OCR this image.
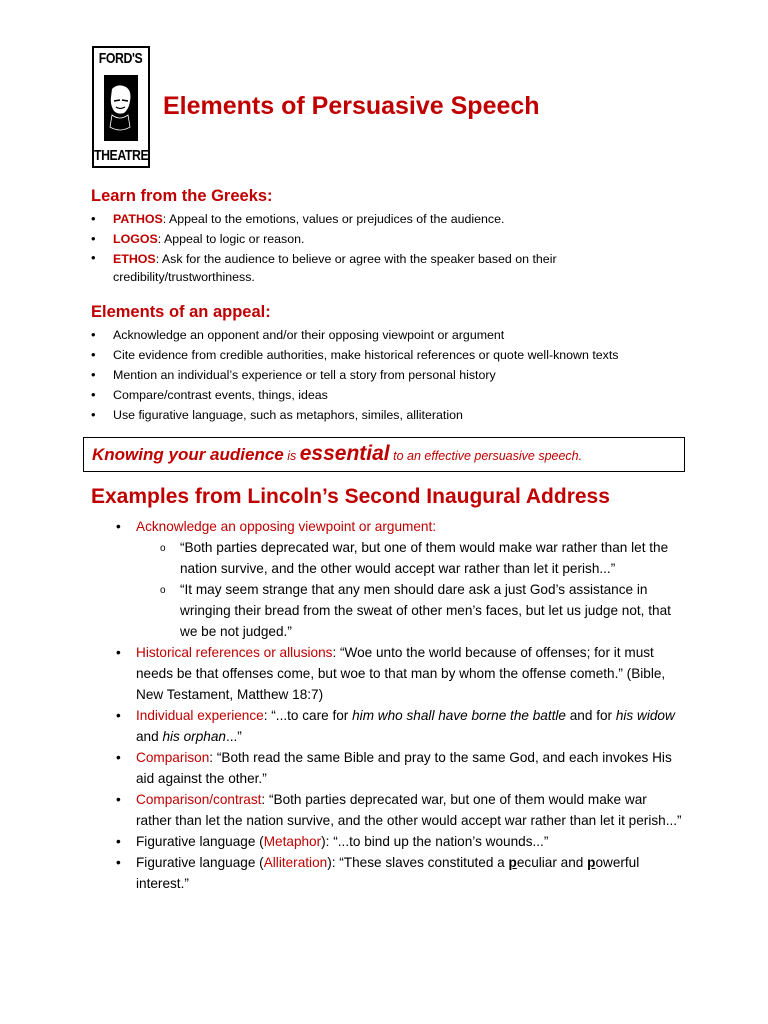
FORD'S
THEATRE
Elements of Persuasive Speech
Learn from the Greeks:
• PATHOS: Appeal to the emotions, values or prejudices of the audience.
• LOGOS: Appeal to logic or reason.
• ETHOS: Ask for the audience to believe or agree with the speaker based on their credibility/trustworthiness.
Elements of an appeal:
• Acknowledge an opponent and/or their opposing viewpoint or argument
• Cite evidence from credible authorities, make historical references or quote well-known texts
• Mention an individual’s experience or tell a story from personal history
• Compare/contrast events, things, ideas
• Use figurative language, such as metaphors, similes, alliteration
Knowing your audience is essential to an effective persuasive speech.
Examples from Lincoln’s Second Inaugural Address
• Acknowledge an opposing viewpoint or argument:
o “Both parties deprecated war, but one of them would make war rather than let the nation survive, and the other would accept war rather than let it perish...”
o “It may seem strange that any men should dare ask a just God’s assistance in wringing their bread from the sweat of other men’s faces, but let us judge not, that we be not judged.”
• Historical references or allusions: “Woe unto the world because of offenses; for it must needs be that offenses come, but woe to that man by whom the offense cometh.” (Bible, New Testament, Matthew 18:7)
• Individual experience: “...to care for him who shall have borne the battle and for his widow and his orphan...”
• Comparison: “Both read the same Bible and pray to the same God, and each invokes His aid against the other.”
• Comparison/contrast: “Both parties deprecated war, but one of them would make war rather than let the nation survive, and the other would accept war rather than let it perish...”
• Figurative language (Metaphor): “...to bind up the nation’s wounds...”
• Figurative language (Alliteration): “These slaves constituted a peculiar and powerful interest.”
